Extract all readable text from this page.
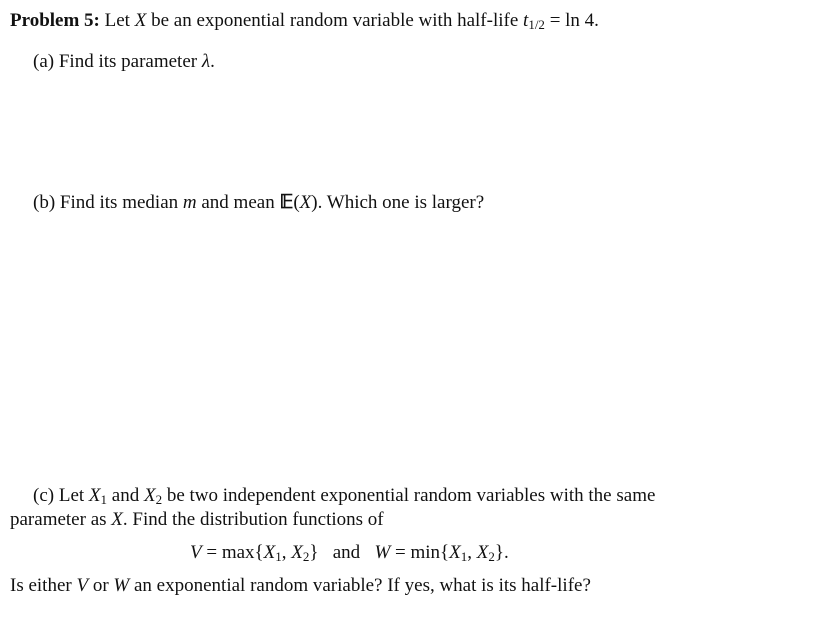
Problem 5: Let X be an exponential random variable with half-life $t_{1/2} = \ln 4$.
(a) Find its parameter λ.
(b) Find its median m and mean 𝔼(X). Which one is larger?
(c) Let $X_1$ and $X_2$ be two independent exponential random variables with the same
parameter as X. Find the distribution functions of
$V = \max\{X_1$, $X_2$} and $W = \min\{X_1$, $X_2$}.
Is either V or W an exponential random variable? If yes, what is its half-life?
